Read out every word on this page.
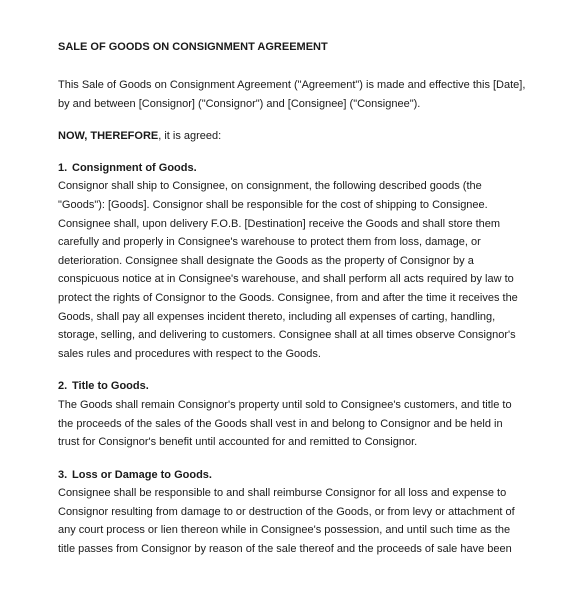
SALE OF GOODS ON CONSIGNMENT AGREEMENT

This Sale of Goods on Consignment Agreement ("Agreement") is made and effective this [Date],
by and between [Consignor] ("Consignor") and [Consignee] ("Consignee").

NOW, THEREFORE, it is agreed:

1. Consignment of Goods.

Consignor shall ship to Consignee, on consignment, the following described goods (the
"Goods"): [Goods]. Consignor shall be responsible for the cost of shipping to Consignee.
Consignee shall, upon delivery F.O.B. [Destination] receive the Goods and shall store them
carefully and properly in Consignee's warehouse to protect them from loss, damage, or
deterioration. Consignee shall designate the Goods as the property of Consignor by a
conspicuous notice at in Consignee's warehouse, and shall perform all acts required by law to
protect the rights of Consignor to the Goods. Consignee, from and after the time it receives the
Goods, shall pay all expenses incident thereto, including all expenses of carting, handling,
storage, selling, and delivering to customers. Consignee shall at all times observe Consignor's
sales rules and procedures with respect to the Goods.

2. Title to Goods.

The Goods shall remain Consignor's property until sold to Consignee's customers, and title to
the proceeds of the sales of the Goods shall vest in and belong to Consignor and be held in
trust for Consignor's benefit until accounted for and remitted to Consignor.

3. Loss or Damage to Goods.

Consignee shall be responsible to and shall reimburse Consignor for all loss and expense to
Consignor resulting from damage to or destruction of the Goods, or from levy or attachment of
any court process or lien thereon while in Consignee's possession, and until such time as the
title passes from Consignor by reason of the sale thereof and the proceeds of sale have been
